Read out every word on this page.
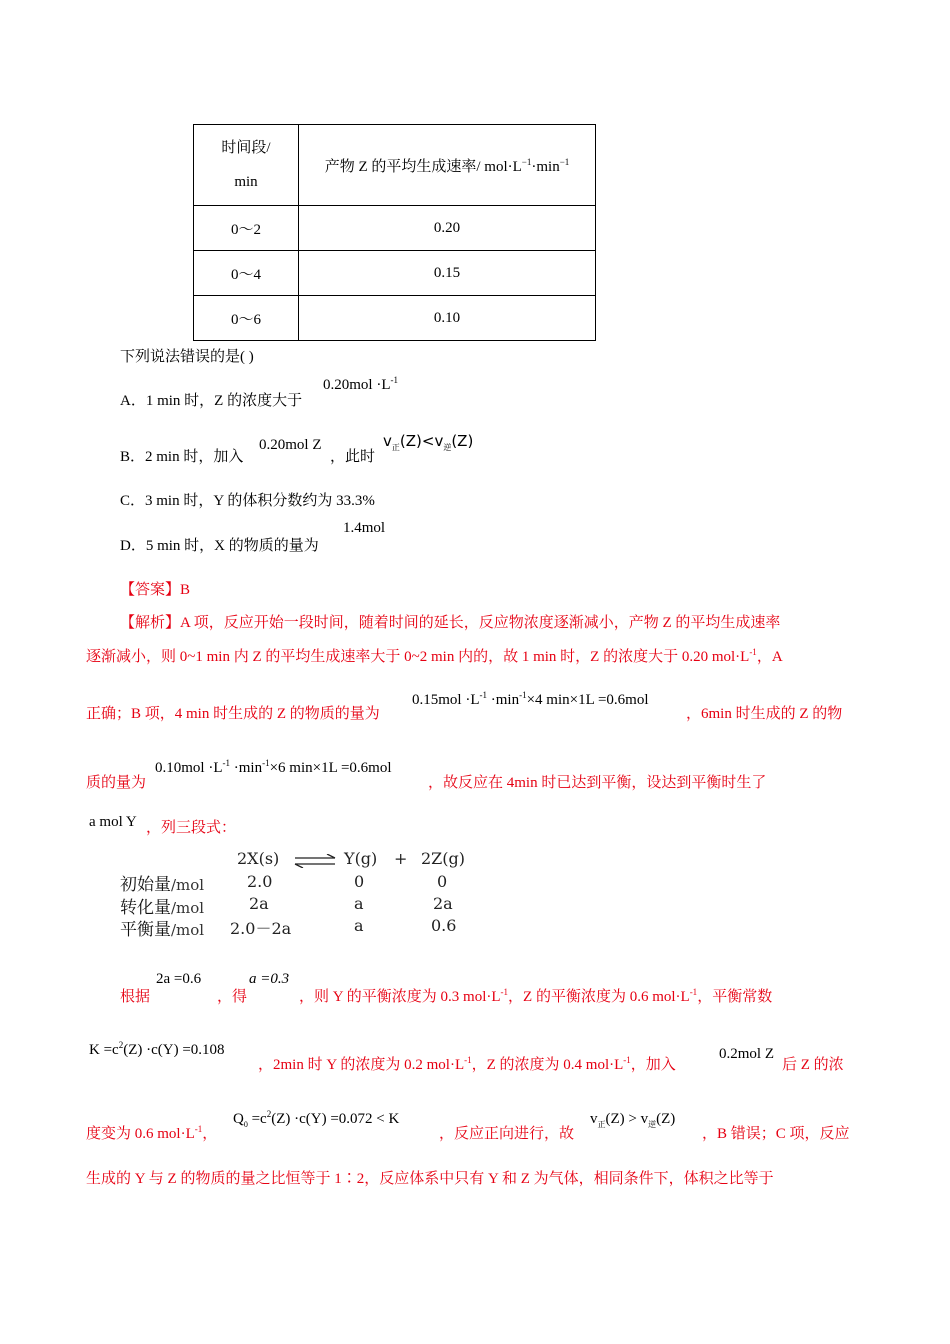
时间段/
min	产物 Z 的平均生成速率/ $mol\cdot L^{-1}\cdot\min^{-1}$
0～2	0.20
0～4	0.15
0～6	0.10
下列说法错误的是( )
A．1 min 时，Z 的浓度大于
$0.20mol \cdot L^{-1}$
B．2 min 时，加入
0.20mol Z
，此时
$v_正(Z)<v_逆(Z)$
C．3 min 时，Y 的体积分数约为 33.3%
D．5 min 时，X 的物质的量为
1.4mol
【答案】B
【解析】A 项，反应开始一段时间，随着时间的延长，反应物浓度逐渐减小，产物 Z 的平均生成速率
逐渐减小，则 0~1 min 内 Z 的平均生成速率大于 0~2 min 内的，故 1 min 时，Z 的浓度大于 0.20 $mol\cdot L^{-1}$，A
正确；B 项，4 min 时生成的 Z 的物质的量为
$0.15mol \cdot L^{-1} \cdot\min^{-1}\times 4$ min×1L =0.6mol
，6min 时生成的 Z 的物
质的量为
$0.10mol \cdot L^{-1} \cdot\min^{-1}\times 6$ min×1L =0.6mol
，故反应在 4min 时已达到平衡，设达到平衡时生了
a mol Y ，列三段式：
2X(s) ⇌ Y(g) + 2Z(g)
初始量/mol	2.0	0	0
转化量/mol	2a	a	2a
平衡量/mol 2.0－2a	a	0.6
根据
2a =0.6
，得
a =0.3
，则 Y 的平衡浓度为 0.3 $mol\cdot L^{-1}$，Z 的平衡浓度为 0.6 $mol\cdot L^{-1}$，平衡常数
$K =c^2(Z) \cdot c(Y) =0.108$
，2min 时 Y 的浓度为 0.2 $mol\cdot L^{-1}$，Z 的浓度为 0.4 $mol\cdot L^{-1}$，加入
0.2mol Z
后 Z 的浓
度变为 0.6 $mol\cdot L^{-1}$，
$Q_0 =c^2(Z) \cdot c(Y) =0.072 < K$
，反应正向进行，故
$v_正(Z) > v_逆(Z)$
，B 错误；C 项，反应
生成的 Y 与 Z 的物质的量之比恒等于 1∶2，反应体系中只有 Y 和 Z 为气体，相同条件下，体积之比等于
